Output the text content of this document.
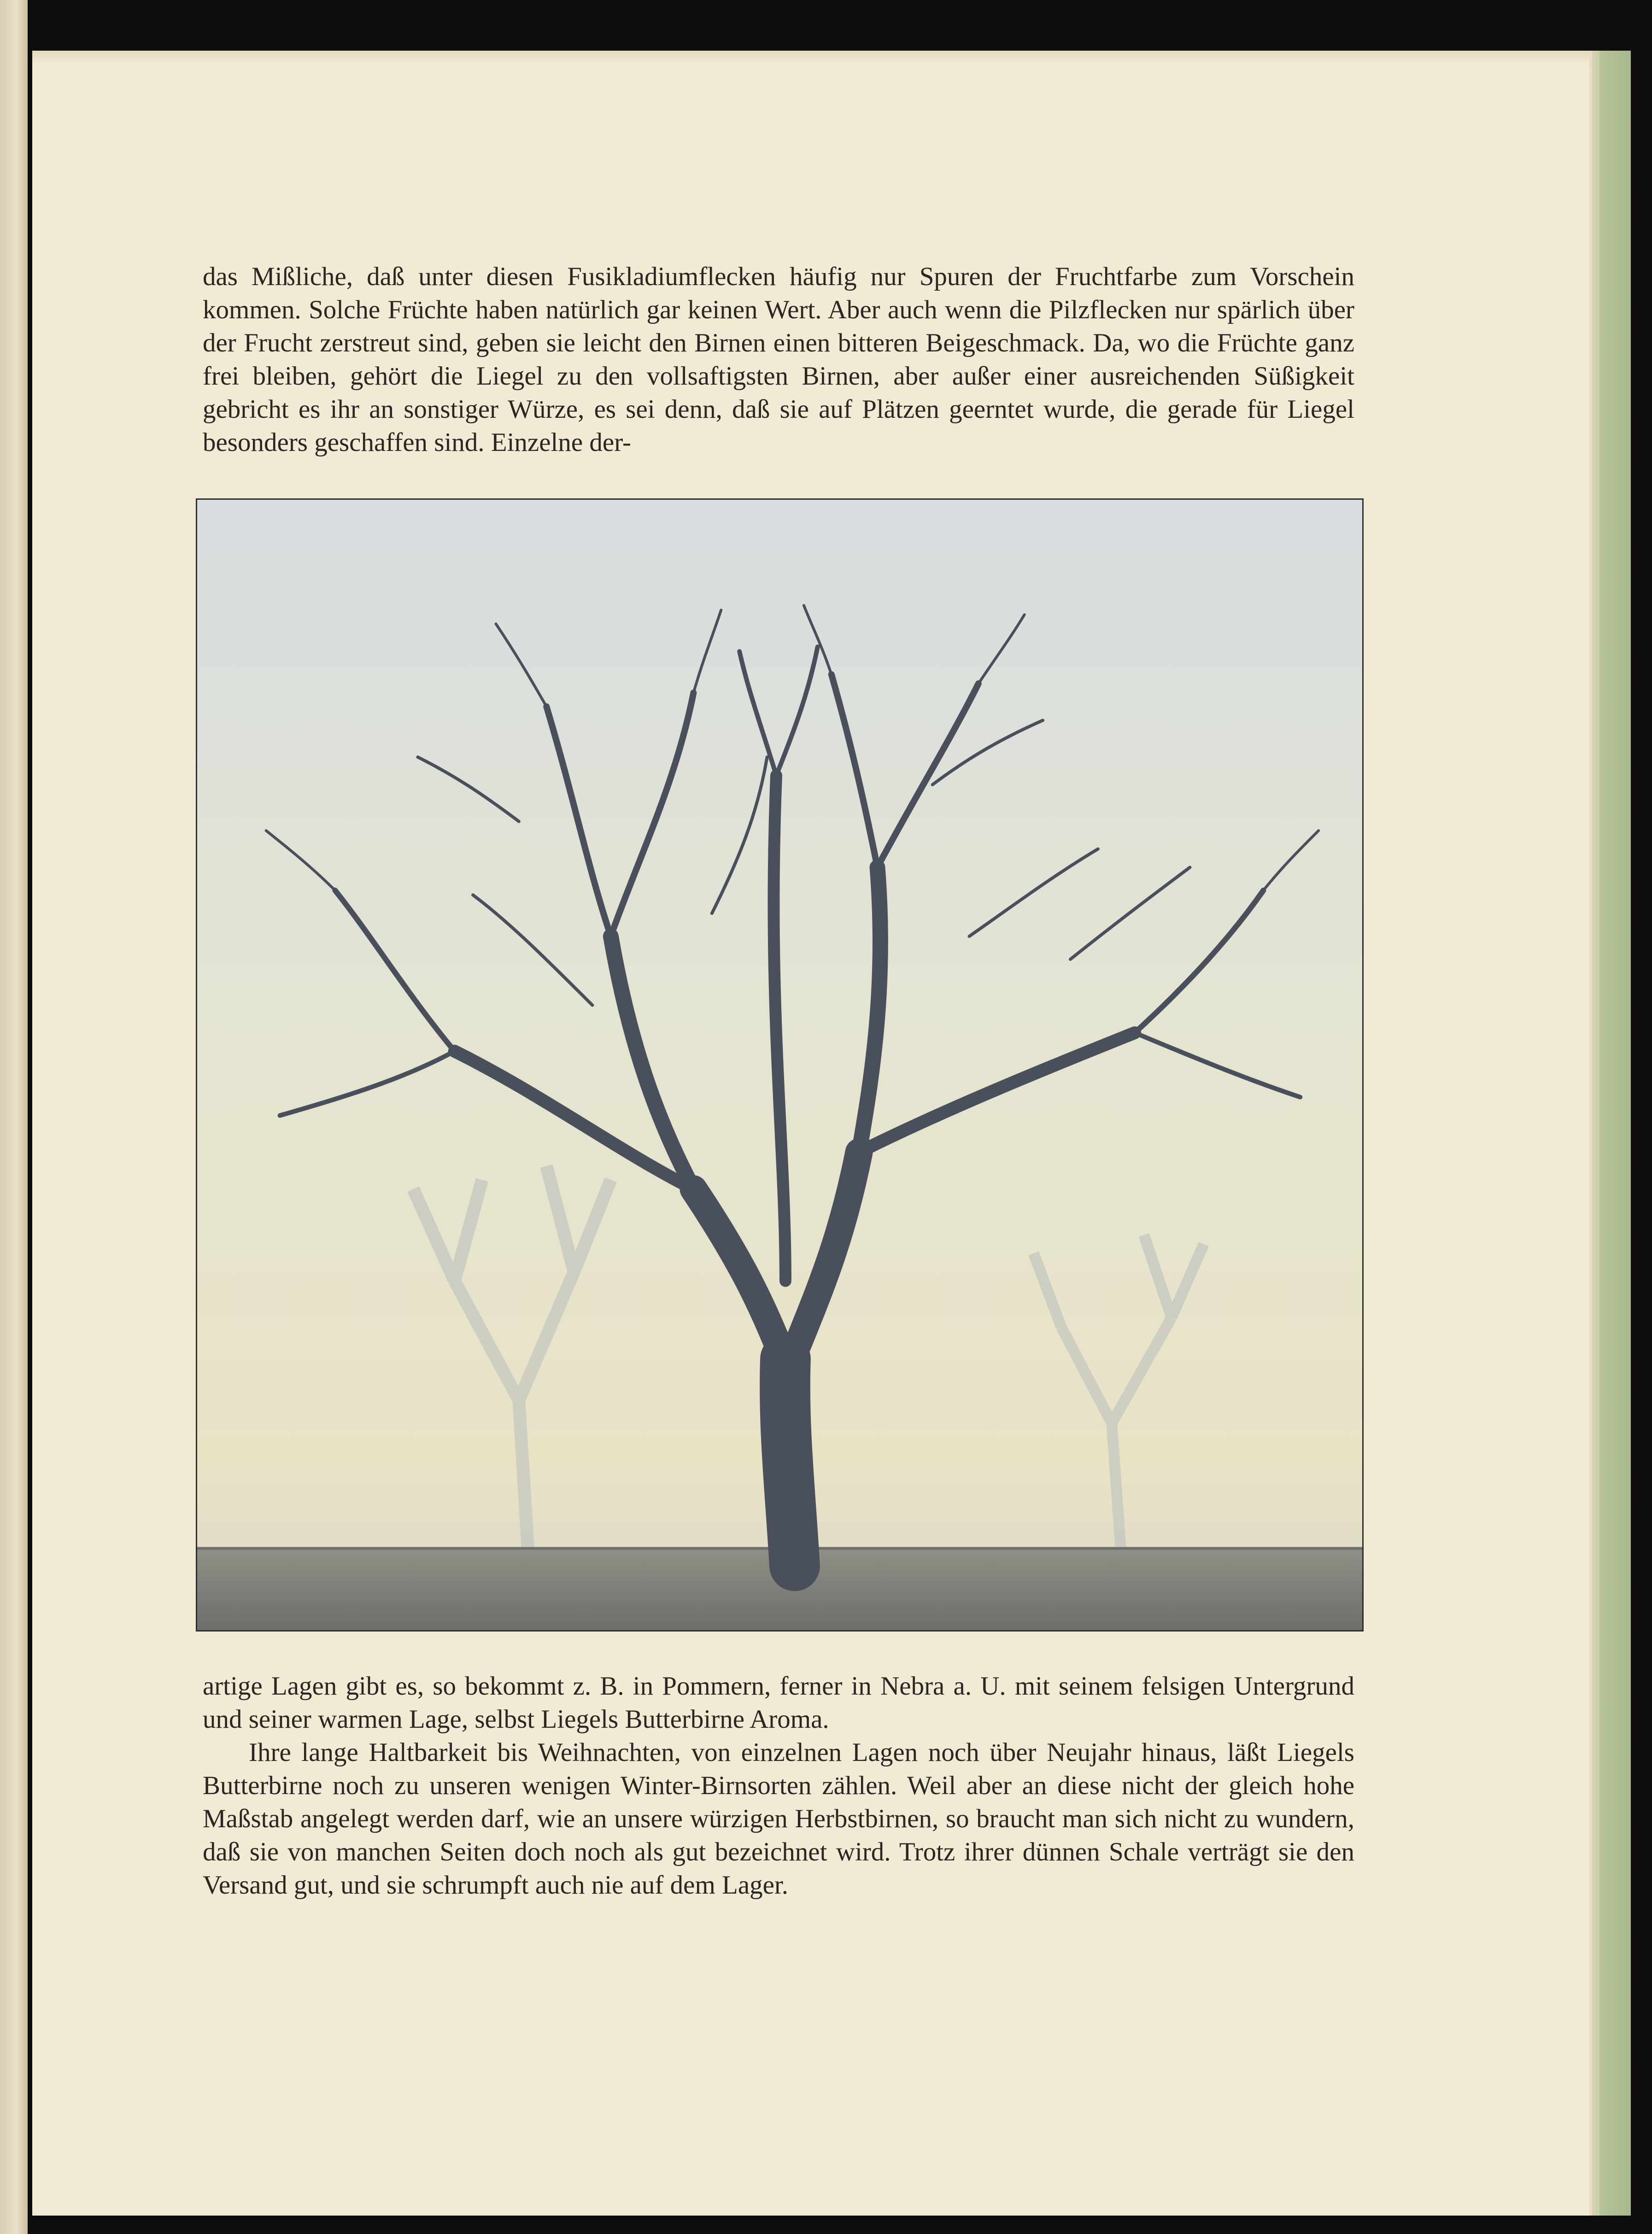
das Mißliche, daß unter diesen Fusikladiumflecken häufig nur Spuren der Fruchtfarbe zum Vorschein kommen. Solche Früchte haben natürlich gar keinen Wert. Aber auch wenn die Pilzflecken nur spärlich über der Frucht zerstreut sind, geben sie leicht den Birnen einen bitteren Beigeschmack. Da, wo die Früchte ganz frei bleiben, gehört die Liegel zu den vollsaftigsten Birnen, aber außer einer ausreichenden Süßigkeit gebricht es ihr an sonstiger Würze, es sei denn, daß sie auf Plätzen geerntet wurde, die gerade für Liegel besonders geschaffen sind. Einzelne der-

artige Lagen gibt es, so bekommt z. B. in Pommern, ferner in Nebra a. U. mit seinem felsigen Untergrund und seiner warmen Lage, selbst Liegels Butterbirne Aroma.

Ihre lange Haltbarkeit bis Weihnachten, von einzelnen Lagen noch über Neujahr hinaus, läßt Liegels Butterbirne noch zu unseren wenigen Winter-Birnsorten zählen. Weil aber an diese nicht der gleich hohe Maßstab angelegt werden darf, wie an unsere würzigen Herbstbirnen, so braucht man sich nicht zu wundern, daß sie von manchen Seiten doch noch als gut bezeichnet wird. Trotz ihrer dünnen Schale verträgt sie den Versand gut, und sie schrumpft auch nie auf dem Lager.
